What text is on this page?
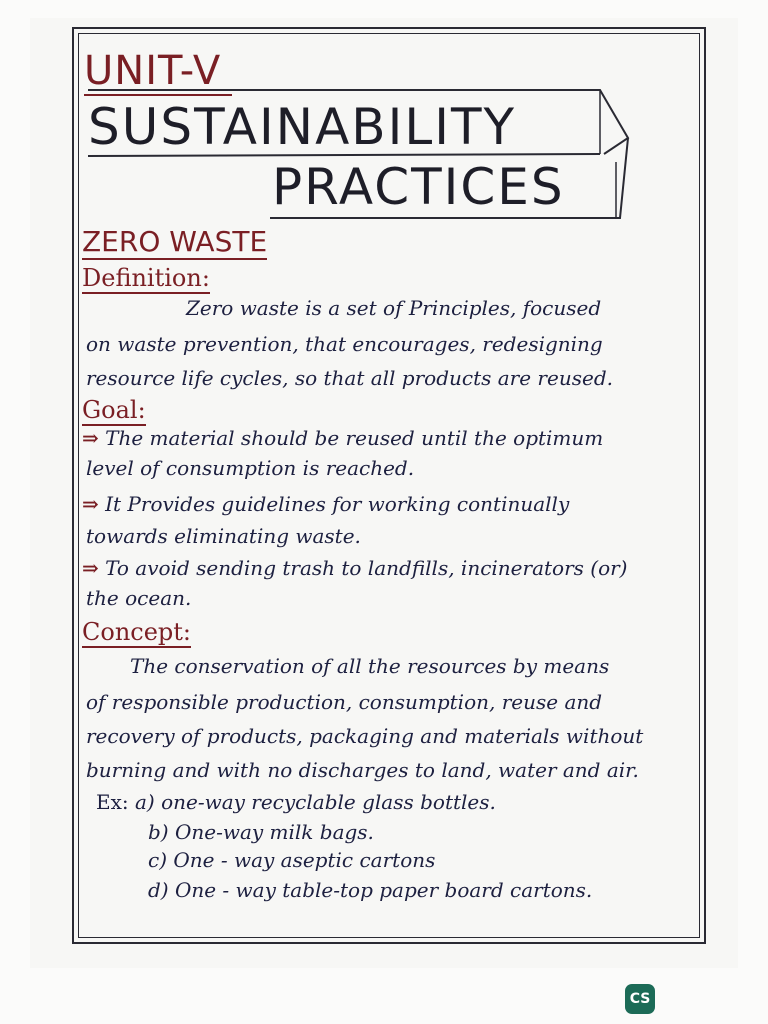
UNIT-V
SUSTAINABILITY
PRACTICES
ZERO WASTE
Definition:
Zero waste is a set of Principles, focused
on waste prevention, that encourages, redesigning
resource life cycles, so that all products are reused.
Goal:
⇒ The material should be reused until the optimum
level of consumption is reached.
⇒ It Provides guidelines for working continually
towards eliminating waste.
⇒ To avoid sending trash to landfills, incinerators (or)
the ocean.
Concept:
The conservation of all the resources by means
of responsible production, consumption, reuse and
recovery of products, packaging and materials without
burning and with no discharges to land, water and air.
Ex: a) one-way recyclable glass bottles.
b) One-way milk bags.
c) One - way aseptic cartons
d) One - way table-top paper board cartons.
CS
